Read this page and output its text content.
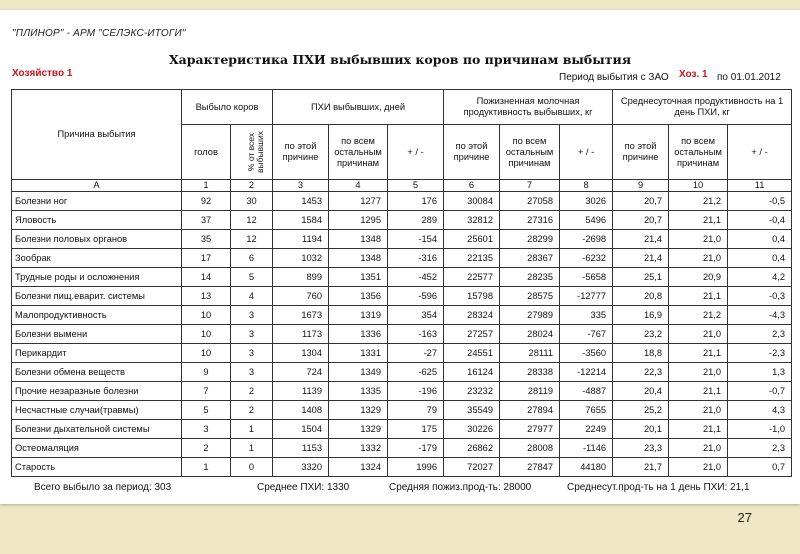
"ПЛИНОР" - АРМ "СЕЛЭКС-ИТОГИ"
Характеристика ПХИ выбывших коров по причинам выбытия
Хозяйство 1	Период выбытия с ЗАО Хоз. 1 по 01.01.2012
Причина выбытия	Выбыло коров		ПХИ выбывших, дней			Пожизненная молочная продуктивность выбывших, кг			Среднесуточная продуктивность на 1 день ПХИ, кг		
	голов	% от всех выбывших	по этой причине	по всем остальным причинам	+ / -	по этой причине	по всем остальным причинам	+ / -	по этой причине	по всем остальным причинам	+ / -
А	1	2	3	4	5	6	7	8	9	10	11
Болезни ног	92	30	1453	1277	176	30084	27058	3026	20,7	21,2	-0,5
Яловость	37	12	1584	1295	289	32812	27316	5496	20,7	21,1	-0,4
Болезни половых органов	35	12	1194	1348	-154	25601	28299	-2698	21,4	21,0	0,4
Зообрак	17	6	1032	1348	-316	22135	28367	-6232	21,4	21,0	0,4
Трудные роды и осложнения	14	5	899	1351	-452	22577	28235	-5658	25,1	20,9	4,2
Болезни пищ.еварит. системы	13	4	760	1356	-596	15798	28575	-12777	20,8	21,1	-0,3
Малопродуктивность	10	3	1673	1319	354	28324	27989	335	16,9	21,2	-4,3
Болезни вымени	10	3	1173	1336	-163	27257	28024	-767	23,2	21,0	2,3
Перикардит	10	3	1304	1331	-27	24551	28111	-3560	18,8	21,1	-2,3
Болезни обмена веществ	9	3	724	1349	-625	16124	28338	-12214	22,3	21,0	1,3
Прочие незаразные болезни	7	2	1139	1335	-196	23232	28119	-4887	20,4	21,1	-0,7
Несчастные случаи(травмы)	5	2	1408	1329	79	35549	27894	7655	25,2	21,0	4,3
Болезни дыхательной системы	3	1	1504	1329	175	30226	27977	2249	20,1	21,1	-1,0
Остеомаляция	2	1	1153	1332	-179	26862	28008	-1146	23,3	21,0	2,3
Старость	1	0	3320	1324	1996	72027	27847	44180	21,7	21,0	0,7
Всего выбыло за период: 303	Среднее ПХИ: 1330	Средняя пожиз.прод-ть: 28000	Среднесут.прод-ть на 1 день ПХИ: 21,1
27
